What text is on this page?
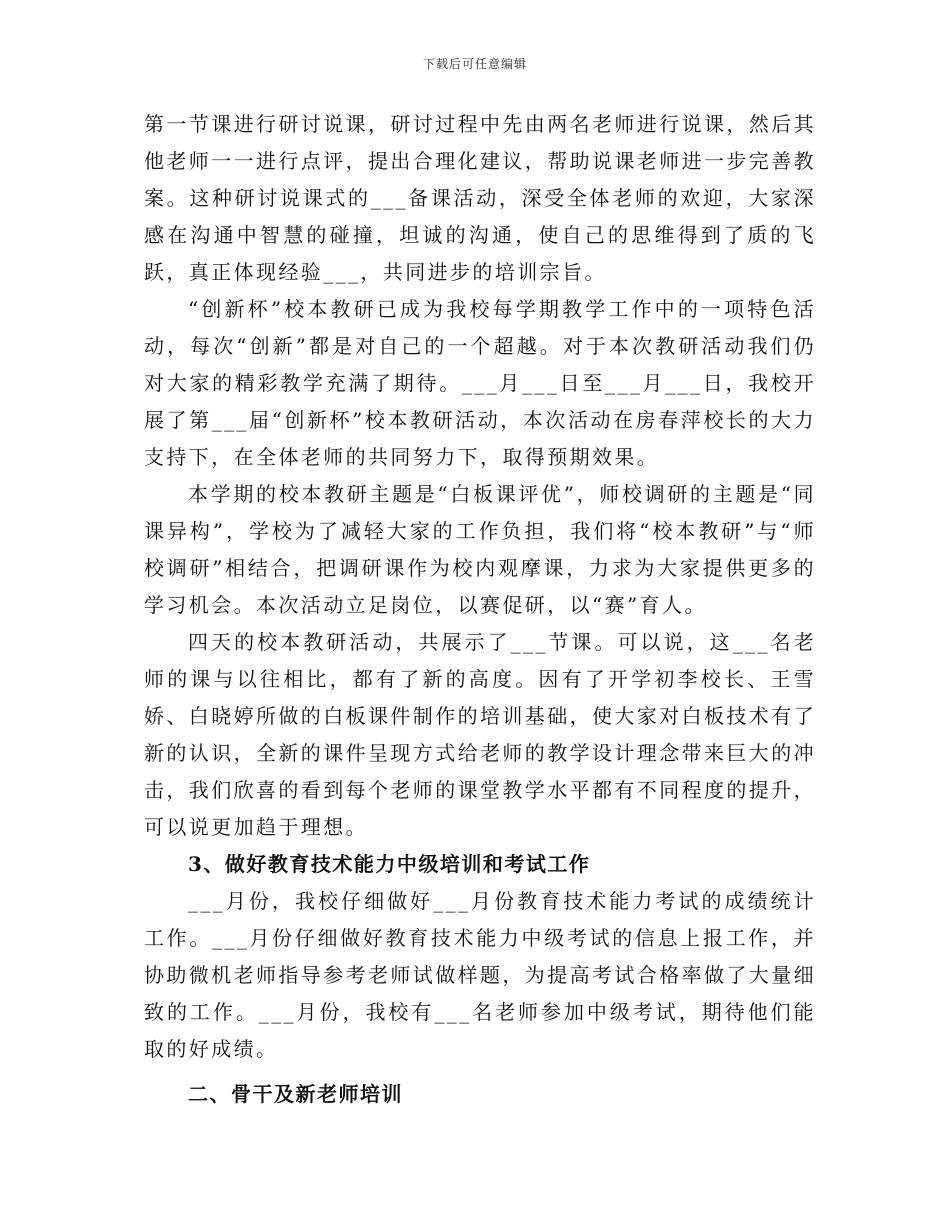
下载后可任意编辑

第一节课进行研讨说课，研讨过程中先由两名老师进行说课，然后其他老师一一进行点评，提出合理化建议，帮助说课老师进一步完善教案。这种研讨说课式的___备课活动，深受全体老师的欢迎，大家深感在沟通中智慧的碰撞，坦诚的沟通，使自己的思维得到了质的飞跃，真正体现经验___，共同进步的培训宗旨。

“创新杯”校本教研已成为我校每学期教学工作中的一项特色活动，每次“创新”都是对自己的一个超越。对于本次教研活动我们仍对大家的精彩教学充满了期待。___月___日至___月___日，我校开展了第___届“创新杯”校本教研活动，本次活动在房春萍校长的大力支持下，在全体老师的共同努力下，取得预期效果。

本学期的校本教研主题是“白板课评优”，师校调研的主题是“同课异构”，学校为了减轻大家的工作负担，我们将“校本教研”与“师校调研”相结合，把调研课作为校内观摩课，力求为大家提供更多的学习机会。本次活动立足岗位，以赛促研，以“赛”育人。

四天的校本教研活动，共展示了___节课。可以说，这___名老师的课与以往相比，都有了新的高度。因有了开学初李校长、王雪娇、白晓婷所做的白板课件制作的培训基础，使大家对白板技术有了新的认识，全新的课件呈现方式给老师的教学设计理念带来巨大的冲击，我们欣喜的看到每个老师的课堂教学水平都有不同程度的提升，可以说更加趋于理想。

3、做好教育技术能力中级培训和考试工作

___月份，我校仔细做好___月份教育技术能力考试的成绩统计工作。___月份仔细做好教育技术能力中级考试的信息上报工作，并协助微机老师指导参考老师试做样题，为提高考试合格率做了大量细致的工作。___月份，我校有___名老师参加中级考试，期待他们能取的好成绩。

二、骨干及新老师培训
